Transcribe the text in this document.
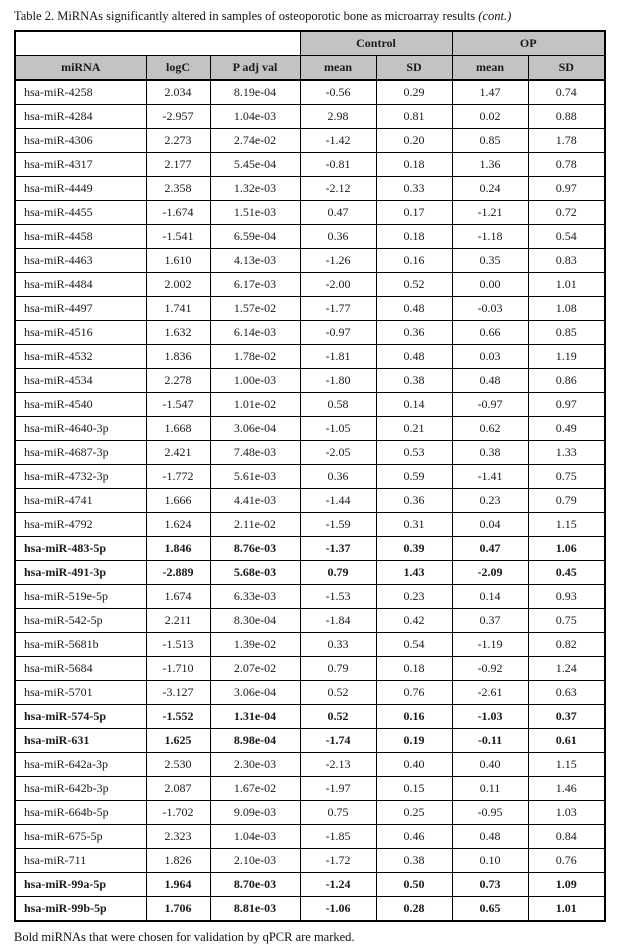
Table 2. MiRNAs significantly altered in samples of osteoporotic bone as microarray results (cont.)

			Control		OP	
miRNA	logC	P adj val	mean	SD	mean	SD
hsa-miR-4258	2.034	8.19e-04	-0.56	0.29	1.47	0.74
hsa-miR-4284	-2.957	1.04e-03	2.98	0.81	0.02	0.88
hsa-miR-4306	2.273	2.74e-02	-1.42	0.20	0.85	1.78
hsa-miR-4317	2.177	5.45e-04	-0.81	0.18	1.36	0.78
hsa-miR-4449	2.358	1.32e-03	-2.12	0.33	0.24	0.97
hsa-miR-4455	-1.674	1.51e-03	0.47	0.17	-1.21	0.72
hsa-miR-4458	-1.541	6.59e-04	0.36	0.18	-1.18	0.54
hsa-miR-4463	1.610	4.13e-03	-1.26	0.16	0.35	0.83
hsa-miR-4484	2.002	6.17e-03	-2.00	0.52	0.00	1.01
hsa-miR-4497	1.741	1.57e-02	-1.77	0.48	-0.03	1.08
hsa-miR-4516	1.632	6.14e-03	-0.97	0.36	0.66	0.85
hsa-miR-4532	1.836	1.78e-02	-1.81	0.48	0.03	1.19
hsa-miR-4534	2.278	1.00e-03	-1.80	0.38	0.48	0.86
hsa-miR-4540	-1.547	1.01e-02	0.58	0.14	-0.97	0.97
hsa-miR-4640-3p	1.668	3.06e-04	-1.05	0.21	0.62	0.49
hsa-miR-4687-3p	2.421	7.48e-03	-2.05	0.53	0.38	1.33
hsa-miR-4732-3p	-1.772	5.61e-03	0.36	0.59	-1.41	0.75
hsa-miR-4741	1.666	4.41e-03	-1.44	0.36	0.23	0.79
hsa-miR-4792	1.624	2.11e-02	-1.59	0.31	0.04	1.15
hsa-miR-483-5p	1.846	8.76e-03	-1.37	0.39	0.47	1.06
hsa-miR-491-3p	-2.889	5.68e-03	0.79	1.43	-2.09	0.45
hsa-miR-519e-5p	1.674	6.33e-03	-1.53	0.23	0.14	0.93
hsa-miR-542-5p	2.211	8.30e-04	-1.84	0.42	0.37	0.75
hsa-miR-5681b	-1.513	1.39e-02	0.33	0.54	-1.19	0.82
hsa-miR-5684	-1.710	2.07e-02	0.79	0.18	-0.92	1.24
hsa-miR-5701	-3.127	3.06e-04	0.52	0.76	-2.61	0.63
hsa-miR-574-5p	-1.552	1.31e-04	0.52	0.16	-1.03	0.37
hsa-miR-631	1.625	8.98e-04	-1.74	0.19	-0.11	0.61
hsa-miR-642a-3p	2.530	2.30e-03	-2.13	0.40	0.40	1.15
hsa-miR-642b-3p	2.087	1.67e-02	-1.97	0.15	0.11	1.46
hsa-miR-664b-5p	-1.702	9.09e-03	0.75	0.25	-0.95	1.03
hsa-miR-675-5p	2.323	1.04e-03	-1.85	0.46	0.48	0.84
hsa-miR-711	1.826	2.10e-03	-1.72	0.38	0.10	0.76
hsa-miR-99a-5p	1.964	8.70e-03	-1.24	0.50	0.73	1.09
hsa-miR-99b-5p	1.706	8.81e-03	-1.06	0.28	0.65	1.01

Bold miRNAs that were chosen for validation by qPCR are marked.
